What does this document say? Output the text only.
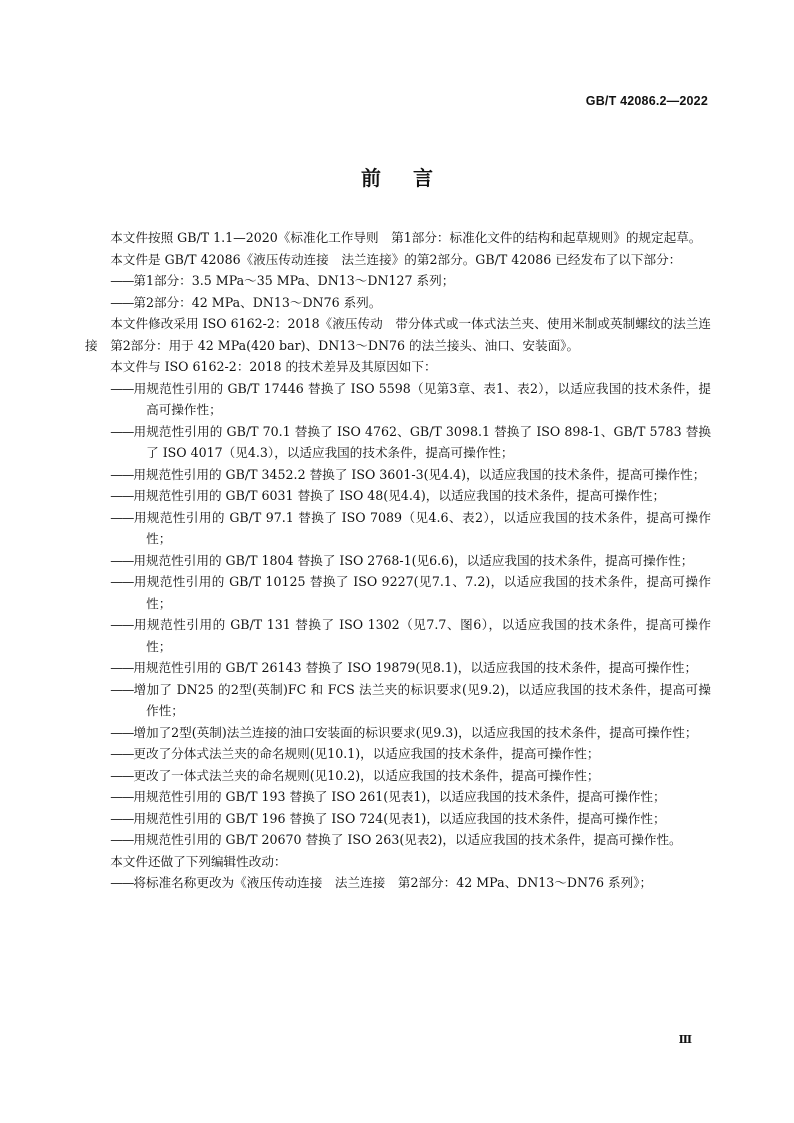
GB/T 42086.2—2022
前言

本文件按照 GB/T 1.1—2020《标准化工作导则　第1部分：标准化文件的结构和起草规则》的规定起草。

本文件是 GB/T 42086《液压传动连接　法兰连接》的第2部分。GB/T 42086 已经发布了以下部分：

——第1部分：3.5 MPa～35 MPa、DN13～DN127 系列；

——第2部分：42 MPa、DN13～DN76 系列。

本文件修改采用 ISO 6162-2：2018《液压传动　带分体式或一体式法兰夹、使用米制或英制螺纹的法兰连接　第2部分：用于 42 MPa(420 bar)、DN13～DN76 的法兰接头、油口、安装面》。

本文件与 ISO 6162-2：2018 的技术差异及其原因如下：

——用规范性引用的 GB/T 17446 替换了 ISO 5598（见第3章、表1、表2），以适应我国的技术条件，提高可操作性；

——用规范性引用的 GB/T 70.1 替换了 ISO 4762、GB/T 3098.1 替换了 ISO 898-1、GB/T 5783 替换了 ISO 4017（见4.3），以适应我国的技术条件，提高可操作性；

——用规范性引用的 GB/T 3452.2 替换了 ISO 3601-3(见4.4)，以适应我国的技术条件，提高可操作性；

——用规范性引用的 GB/T 6031 替换了 ISO 48(见4.4)，以适应我国的技术条件，提高可操作性；

——用规范性引用的 GB/T 97.1 替换了 ISO 7089（见4.6、表2），以适应我国的技术条件，提高可操作性；

——用规范性引用的 GB/T 1804 替换了 ISO 2768-1(见6.6)，以适应我国的技术条件，提高可操作性；

——用规范性引用的 GB/T 10125 替换了 ISO 9227(见7.1、7.2)，以适应我国的技术条件，提高可操作性；

——用规范性引用的 GB/T 131 替换了 ISO 1302（见7.7、图6），以适应我国的技术条件，提高可操作性；

——用规范性引用的 GB/T 26143 替换了 ISO 19879(见8.1)，以适应我国的技术条件，提高可操作性；

——增加了 DN25 的2型(英制)FC 和 FCS 法兰夹的标识要求(见9.2)，以适应我国的技术条件，提高可操作性；

——增加了2型(英制)法兰连接的油口安装面的标识要求(见9.3)，以适应我国的技术条件，提高可操作性；

——更改了分体式法兰夹的命名规则(见10.1)，以适应我国的技术条件，提高可操作性；

——更改了一体式法兰夹的命名规则(见10.2)，以适应我国的技术条件，提高可操作性；

——用规范性引用的 GB/T 193 替换了 ISO 261(见表1)，以适应我国的技术条件，提高可操作性；

——用规范性引用的 GB/T 196 替换了 ISO 724(见表1)，以适应我国的技术条件，提高可操作性；

——用规范性引用的 GB/T 20670 替换了 ISO 263(见表2)，以适应我国的技术条件，提高可操作性。

本文件还做了下列编辑性改动：

——将标准名称更改为《液压传动连接　法兰连接　第2部分：42 MPa、DN13～DN76 系列》；

Ⅲ
